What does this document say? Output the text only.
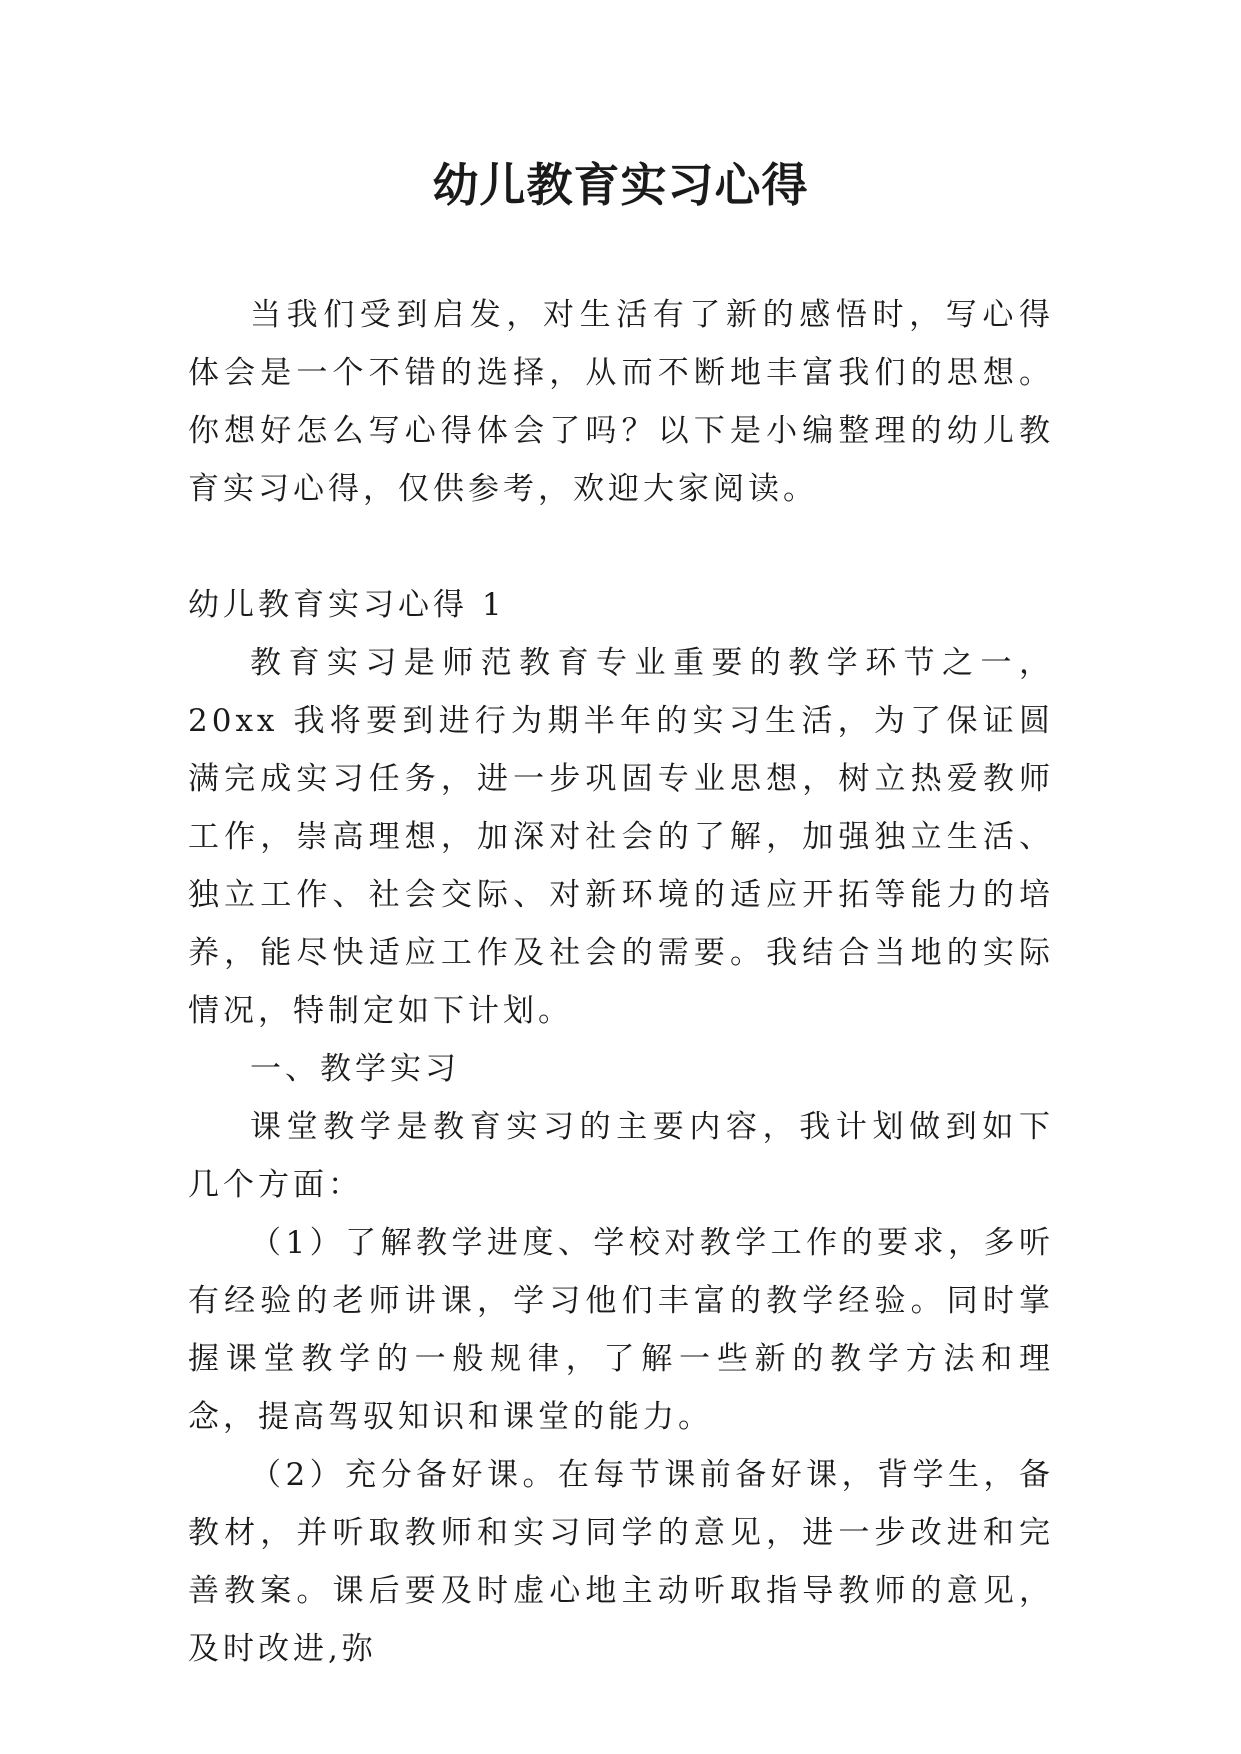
幼儿教育实习心得

当我们受到启发，对生活有了新的感悟时，写心得体会是一个不错的选择，从而不断地丰富我们的思想。你想好怎么写心得体会了吗？以下是小编整理的幼儿教育实习心得，仅供参考，欢迎大家阅读。

幼儿教育实习心得 1

教育实习是师范教育专业重要的教学环节之一，20xx 我将要到进行为期半年的实习生活，为了保证圆满完成实习任务，进一步巩固专业思想，树立热爱教师工作，崇高理想，加深对社会的了解，加强独立生活、独立工作、社会交际、对新环境的适应开拓等能力的培养，能尽快适应工作及社会的需要。我结合当地的实际情况，特制定如下计划。

一、教学实习

课堂教学是教育实习的主要内容，我计划做到如下几个方面：

（1）了解教学进度、学校对教学工作的要求，多听有经验的老师讲课，学习他们丰富的教学经验。同时掌握课堂教学的一般规律，了解一些新的教学方法和理念，提高驾驭知识和课堂的能力。

（2）充分备好课。在每节课前备好课，背学生，备教材，并听取教师和实习同学的意见，进一步改进和完善教案。课后要及时虚心地主动听取指导教师的意见，及时改进,弥
